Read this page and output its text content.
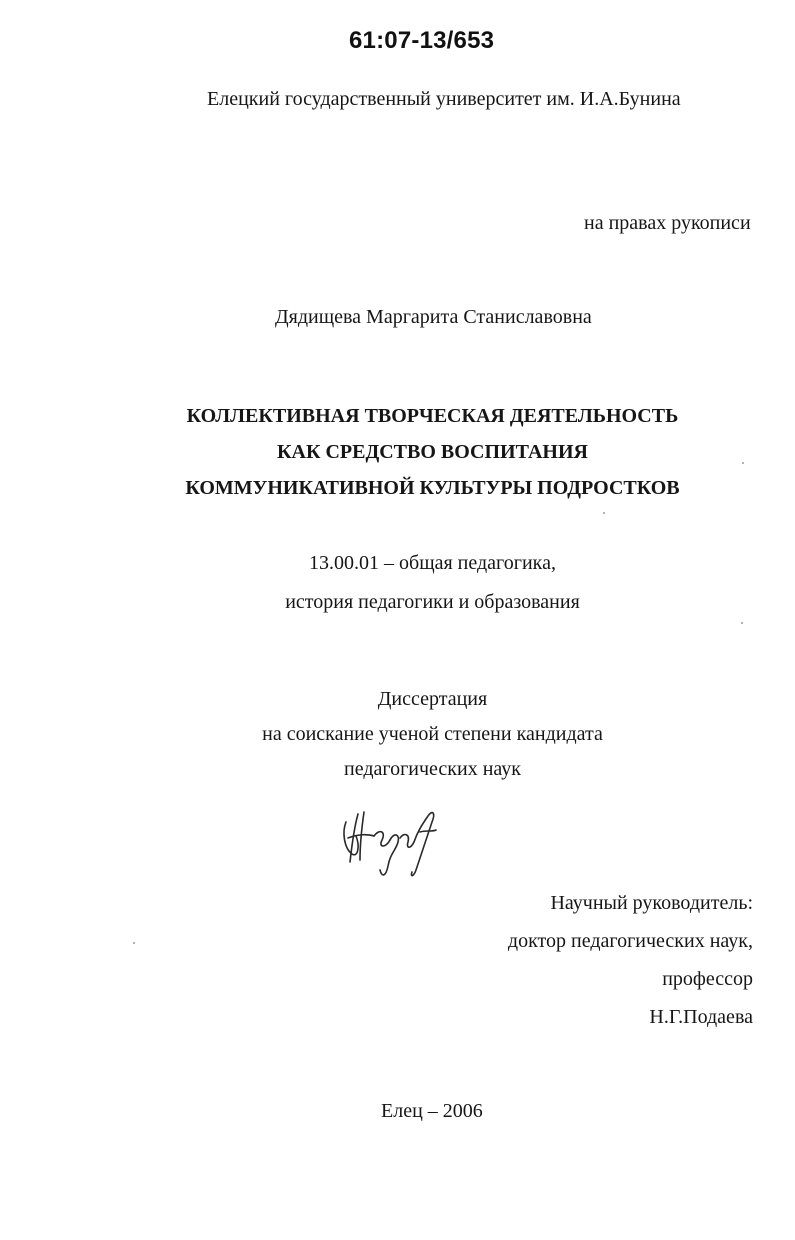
61:07-13/653
Елецкий государственный университет им. И.А.Бунина
на правах рукописи
Дядищева Маргарита Станиславовна
КОЛЛЕКТИВНАЯ ТВОРЧЕСКАЯ ДЕЯТЕЛЬНОСТЬ
КАК СРЕДСТВО ВОСПИТАНИЯ
КОММУНИКАТИВНОЙ КУЛЬТУРЫ ПОДРОСТКОВ
13.00.01 – общая педагогика,
история педагогики и образования
Диссертация
на соискание ученой степени кандидата
педагогических наук
Научный руководитель:
доктор педагогических наук,
профессор
Н.Г.Подаева
Елец – 2006
